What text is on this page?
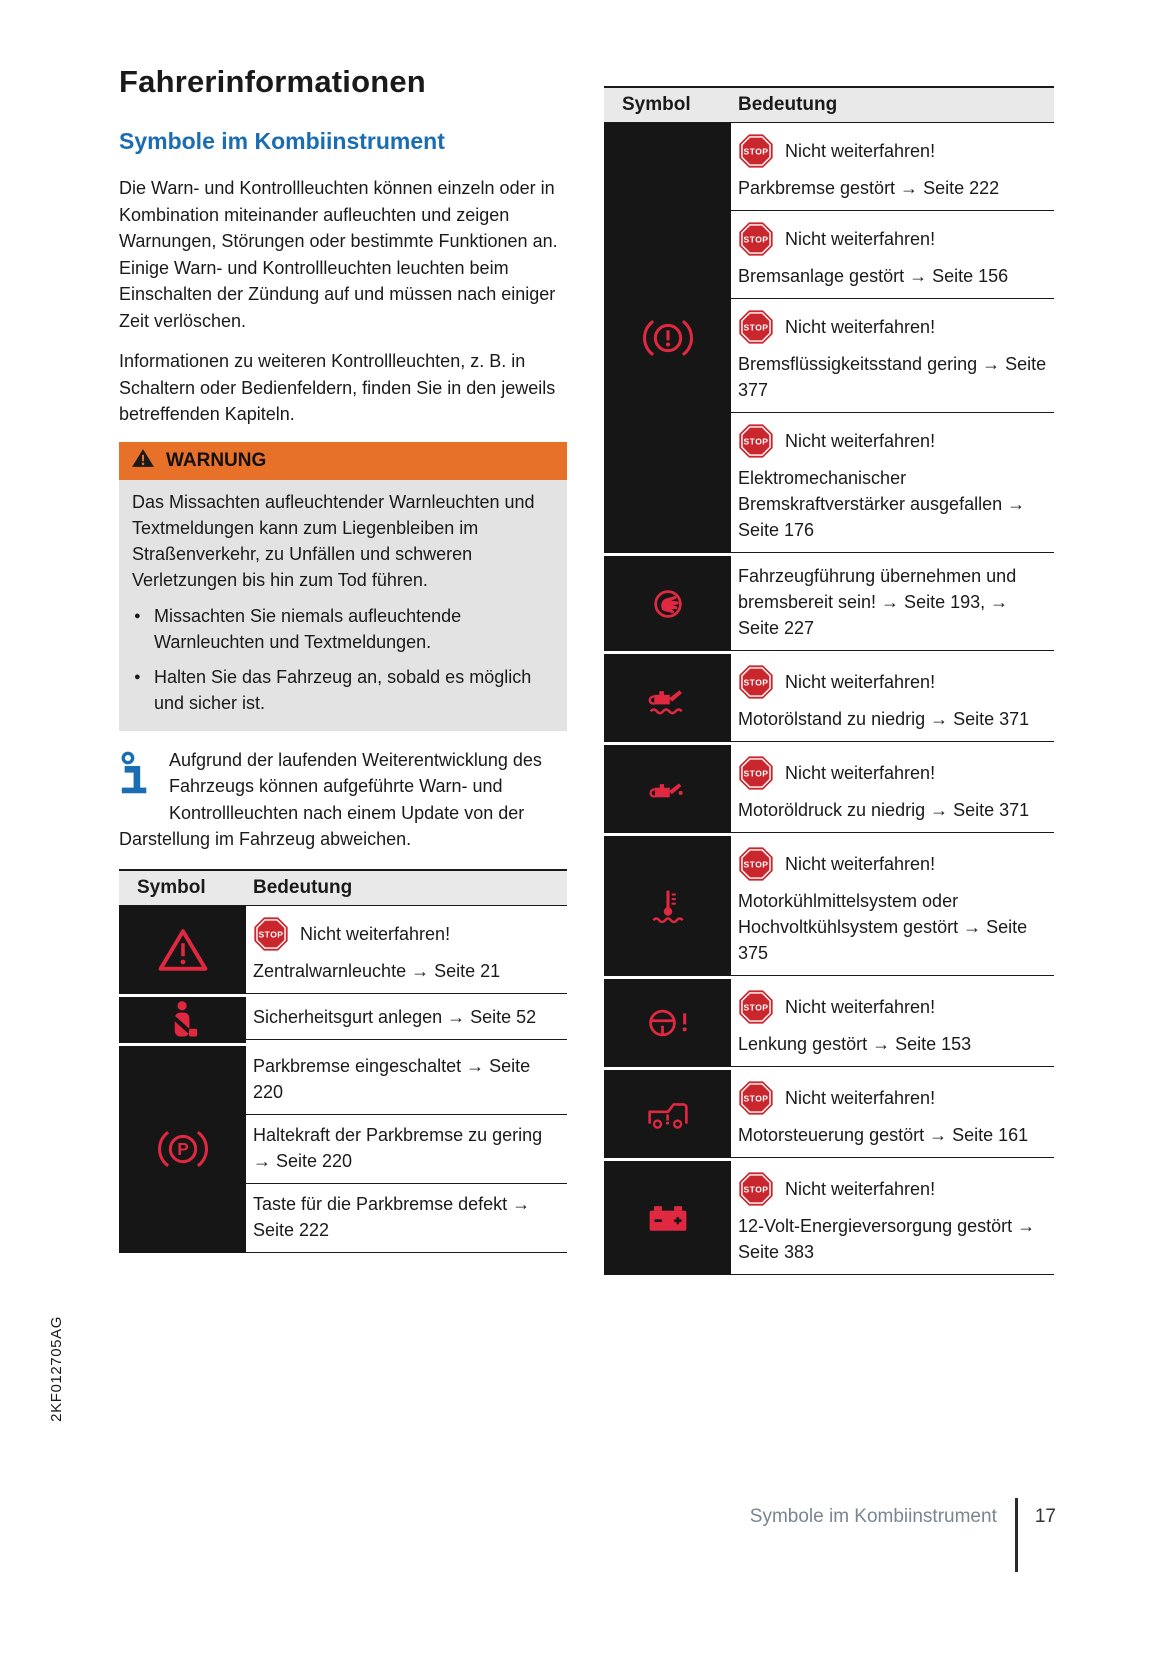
2KF012705AG
Fahrerinformationen
Symbole im Kombiinstrument

Die Warn- und Kontrollleuchten können einzeln oder in Kombination miteinander aufleuchten und zeigen Warnungen, Störungen oder bestimmte Funktionen an. Einige Warn- und Kontrollleuchten leuchten beim Einschalten der Zündung auf und müssen nach einiger Zeit verlöschen.

Informationen zu weiteren Kontrollleuchten, z. B. in Schaltern oder Bedienfeldern, finden Sie in den jeweils betreffenden Kapiteln.

WARNUNG

Das Missachten aufleuchtender Warnleuchten und Textmeldungen kann zum Liegenbleiben im Straßenverkehr, zu Unfällen und schweren Verletzungen bis hin zum Tod führen.

● Missachten Sie niemals aufleuchtende Warnleuchten und Textmeldungen.
● Halten Sie das Fahrzeug an, sobald es möglich und sicher ist.
Aufgrund der laufenden Weiterentwicklung des Fahrzeugs können aufgeführte Warn- und Kontrollleuchten nach einem Update von der Darstellung im Fahrzeug abweichen.
Symbol	Bedeutung
STOP Nicht weiterfahren!
Zentralwarnleuchte → Seite 21
Sicherheitsgurt anlegen → Seite 52
P
Parkbremse eingeschaltet → Seite 220
Haltekraft der Parkbremse zu gering → Seite 220
Taste für die Parkbremse defekt → Seite 222
Symbol	Bedeutung
STOP Nicht weiterfahren!
Parkbremse gestört → Seite 222
STOP Nicht weiterfahren!
Bremsanlage gestört → Seite 156
STOP Nicht weiterfahren!
Bremsflüssigkeitsstand gering → Seite 377
STOP Nicht weiterfahren!
Elektromechanischer Bremskraftverstärker ausgefallen → Seite 176
Fahrzeugführung übernehmen und bremsbereit sein! → Seite 193, → Seite 227
STOP Nicht weiterfahren!
Motorölstand zu niedrig → Seite 371
STOP Nicht weiterfahren!
Motoröldruck zu niedrig → Seite 371
STOP Nicht weiterfahren!
Motorkühlmittelsystem oder Hochvoltkühlsystem gestört → Seite 375
STOP Nicht weiterfahren!
Lenkung gestört → Seite 153
STOP Nicht weiterfahren!
Motorsteuerung gestört → Seite 161
STOP Nicht weiterfahren!
12-Volt-Energieversorgung gestört → Seite 383
Symbole im Kombiinstrument 17
